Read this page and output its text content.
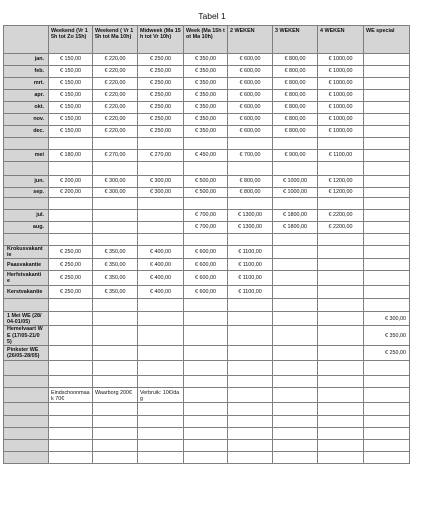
Tabel 1
	Weekend (Vr 15h tot Zo 15h)	Weekend ( Vr 15h tot Ma 10h)	Midweek (Ma 15h tot Vr 10h)	Week (Ma 15h tot Ma 10h)	2 WEKEN	3 WEKEN	4 WEKEN	WE special
jan.	€ 150,00	€ 220,00	€ 250,00	€ 350,00	€ 600,00	€ 800,00	€ 1000,00	
feb.	€ 150,00	€ 220,00	€ 250,00	€ 350,00	€ 600,00	€ 800,00	€ 1000,00	
mrt.	€ 150,00	€ 220,00	€ 250,00	€ 350,00	€ 600,00	€ 800,00	€ 1000,00	
apr.	€ 150,00	€ 220,00	€ 250,00	€ 350,00	€ 600,00	€ 800,00	€ 1000,00	
okt.	€ 150,00	€ 220,00	€ 250,00	€ 350,00	€ 600,00	€ 800,00	€ 1000,00	
nov.	€ 150,00	€ 220,00	€ 250,00	€ 350,00	€ 600,00	€ 800,00	€ 1000,00	
dec.	€ 150,00	€ 220,00	€ 250,00	€ 350,00	€ 600,00	€ 800,00	€ 1000,00	

mei	€ 180,00	€ 270,00	€ 270,00	€ 450,00	€ 700,00	€ 900,00	€ 1100,00	

jun.	€ 200,00	€ 300,00	€ 300,00	€ 500,00	€ 800,00	€ 1000,00	€ 1200,00	
sep.	€ 200,00	€ 300,00	€ 300,00	€ 500,00	€ 800,00	€ 1000,00	€ 1200,00	

jul.				€ 700,00	€ 1300,00	€ 1800,00	€ 2200,00	
aug.				€ 700,00	€ 1300,00	€ 1800,00	€ 2200,00	

Krokusvakantie	€ 250,00	€ 350,00	€ 400,00	€ 600,00	€ 1100,00			
Paasvakantie	€ 250,00	€ 350,00	€ 400,00	€ 600,00	€ 1100,00			
Herfstvakantie	€ 250,00	€ 350,00	€ 400,00	€ 600,00	€ 1100,00			
Kerstvakantie	€ 250,00	€ 350,00	€ 400,00	€ 600,00	€ 1100,00			

1 Mei WE (28/04-01/05)								€ 300,00
Hemelvaart WE (17/05-21/05)								€ 350,00
Pinkster WE (26/05-28/05)								€ 250,00

	Eindschoonmaak 70€	Waarborg 200€	Verbruik: 10€/dag					
